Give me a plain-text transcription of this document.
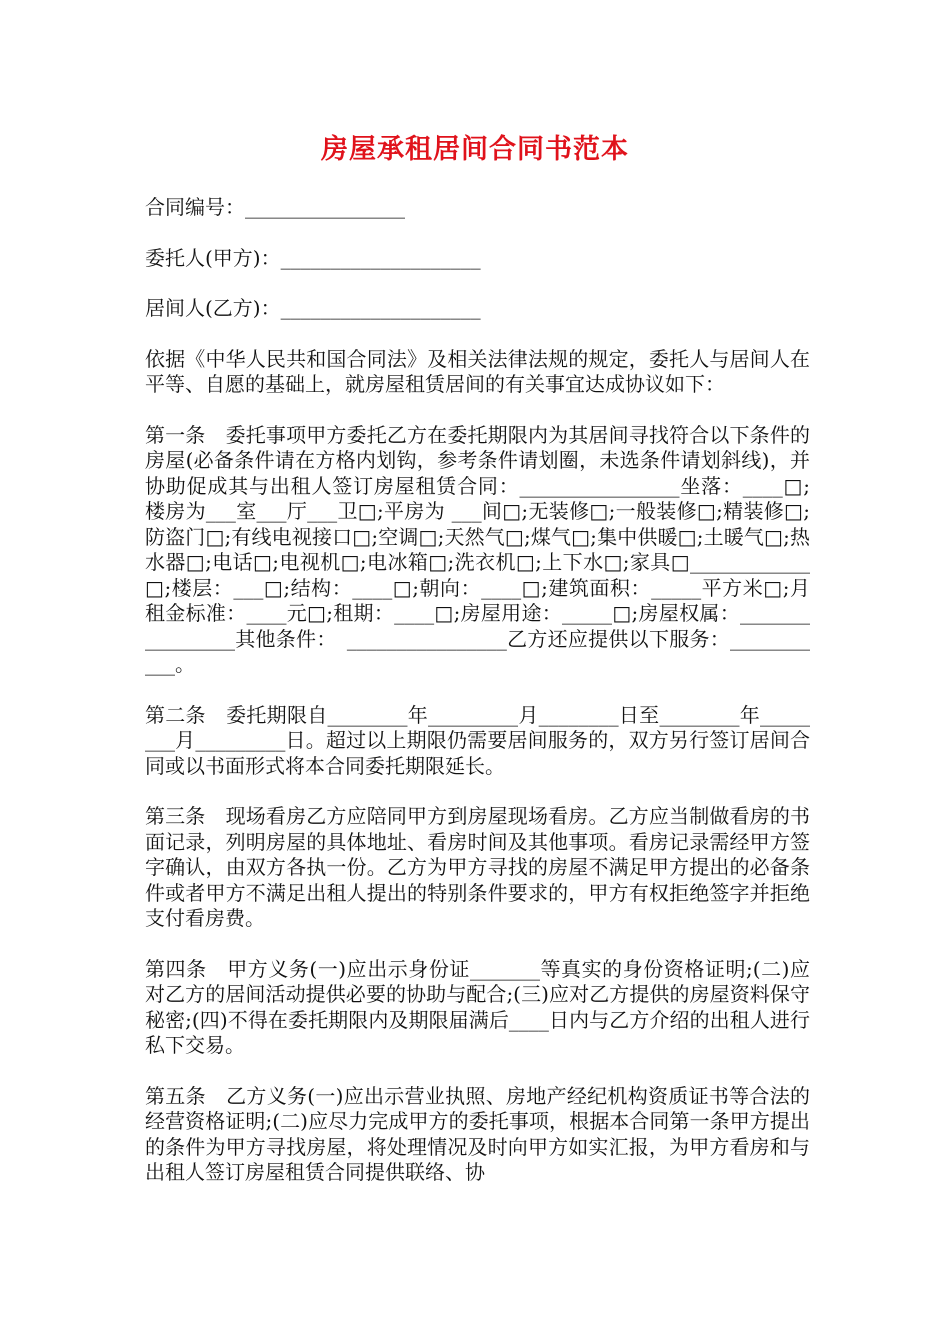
房屋承租居间合同书范本

合同编号：________________

委托人(甲方)：____________________

居间人(乙方)：____________________

依据《中华人民共和国合同法》及相关法律法规的规定，委托人与居间人在平等、自愿的基础上，就房屋租赁居间的有关事宜达成协议如下：

第一条　委托事项甲方委托乙方在委托期限内为其居间寻找符合以下条件的房屋(必备条件请在方格内划钩，参考条件请划圈，未选条件请划斜线)，并协助促成其与出租人签订房屋租赁合同：________________坐落：____□;楼房为___室___厅___卫□;平房为 ___间□;无装修□;一般装修□;精装修□;防盗门□;有线电视接口□;空调□;天然气□;煤气□;集中供暖□;土暖气□;热水器□;电话□;电视机□;电冰箱□;洗衣机□;上下水□;家具□____________□;楼层：___□;结构：____□;朝向：____□;建筑面积：_____平方米□;月租金标准：____元□;租期：____□;房屋用途：_____□;房屋权属：________________其他条件：　________________乙方还应提供以下服务：___________。

第二条　委托期限自________年_________月________日至________年________月_________日。超过以上期限仍需要居间服务的，双方另行签订居间合同或以书面形式将本合同委托期限延长。

第三条　现场看房乙方应陪同甲方到房屋现场看房。乙方应当制做看房的书面记录，列明房屋的具体地址、看房时间及其他事项。看房记录需经甲方签字确认，由双方各执一份。乙方为甲方寻找的房屋不满足甲方提出的必备条件或者甲方不满足出租人提出的特别条件要求的，甲方有权拒绝签字并拒绝支付看房费。

第四条　甲方义务(一)应出示身份证_______等真实的身份资格证明;(二)应对乙方的居间活动提供必要的协助与配合;(三)应对乙方提供的房屋资料保守秘密;(四)不得在委托期限内及期限届满后____日内与乙方介绍的出租人进行私下交易。

第五条　乙方义务(一)应出示营业执照、房地产经纪机构资质证书等合法的经营资格证明;(二)应尽力完成甲方的委托事项，根据本合同第一条甲方提出的条件为甲方寻找房屋，将处理情况及时向甲方如实汇报，为甲方看房和与出租人签订房屋租赁合同提供联络、协
